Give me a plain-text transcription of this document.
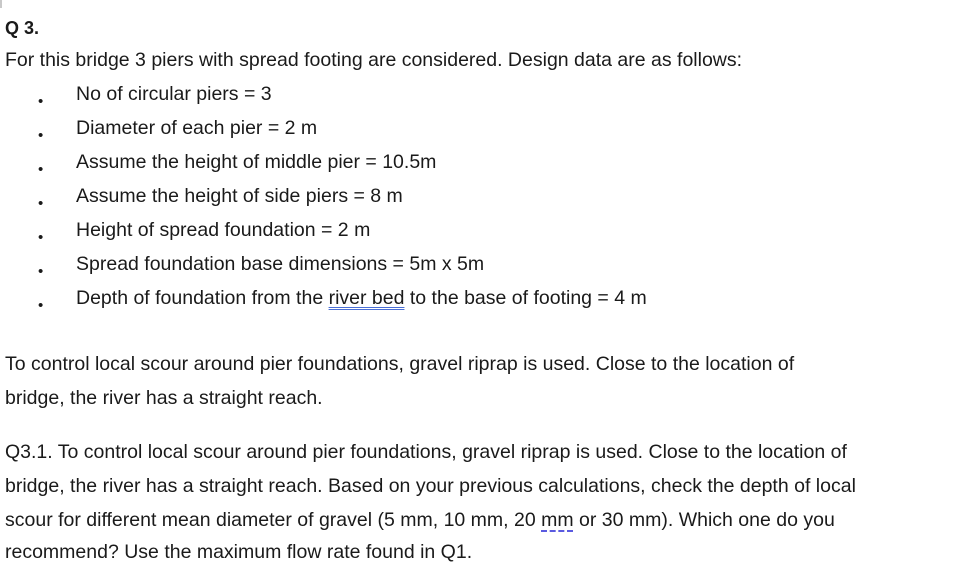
Q 3.
For this bridge 3 piers with spread footing are considered. Design data are as follows:
• No of circular piers = 3
• Diameter of each pier = 2 m
• Assume the height of middle pier = 10.5m
• Assume the height of side piers = 8 m
• Height of spread foundation = 2 m
• Spread foundation base dimensions = 5m x 5m
• Depth of foundation from the river bed to the base of footing = 4 m
To control local scour around pier foundations, gravel riprap is used. Close to the location of
bridge, the river has a straight reach.
Q3.1. To control local scour around pier foundations, gravel riprap is used. Close to the location of
bridge, the river has a straight reach. Based on your previous calculations, check the depth of local
scour for different mean diameter of gravel (5 mm, 10 mm, 20 mm or 30 mm). Which one do you
recommend? Use the maximum flow rate found in Q1.
